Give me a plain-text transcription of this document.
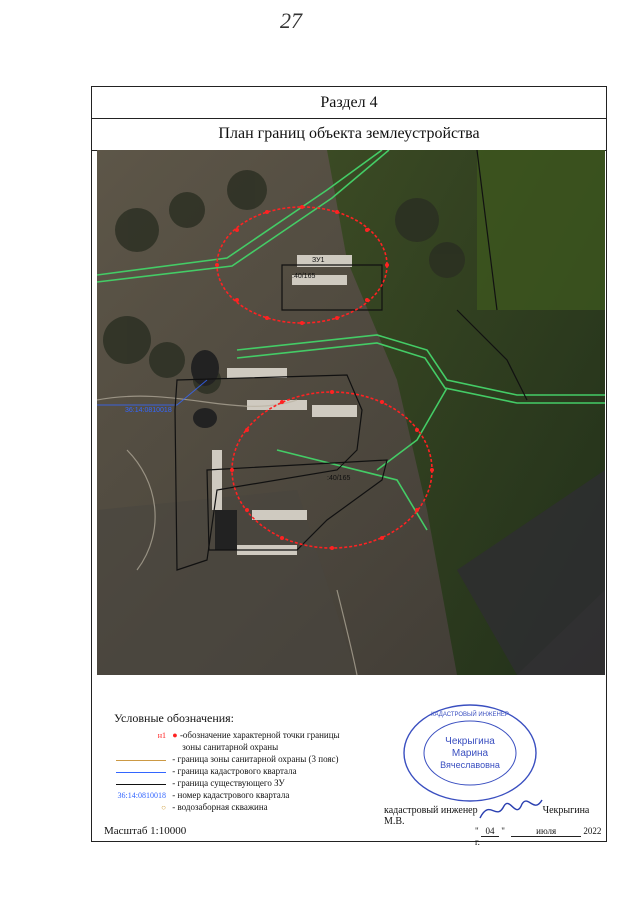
27
Раздел 4
План границ объекта землеустройства
:40/165
:40/165
ЗУ1
36:14:0810018
Условные обозначения:
н1 ● -обозначение характерной точки границы
зоны санитарной охраны
- граница зоны санитарной охраны (3 пояс)
- граница кадастрового квартала
- граница существующего ЗУ
36:14:0810018 - номер кадастрового квартала
○ - водозаборная скважина
Масштаб 1:10000
Чекрыгина
Марина
Вячеславовна
КАДАСТРОВЫЙ ИНЖЕНЕР
кадастровый инженер	Чекрыгина М.В.
" 04 "	июля	2022 г.
